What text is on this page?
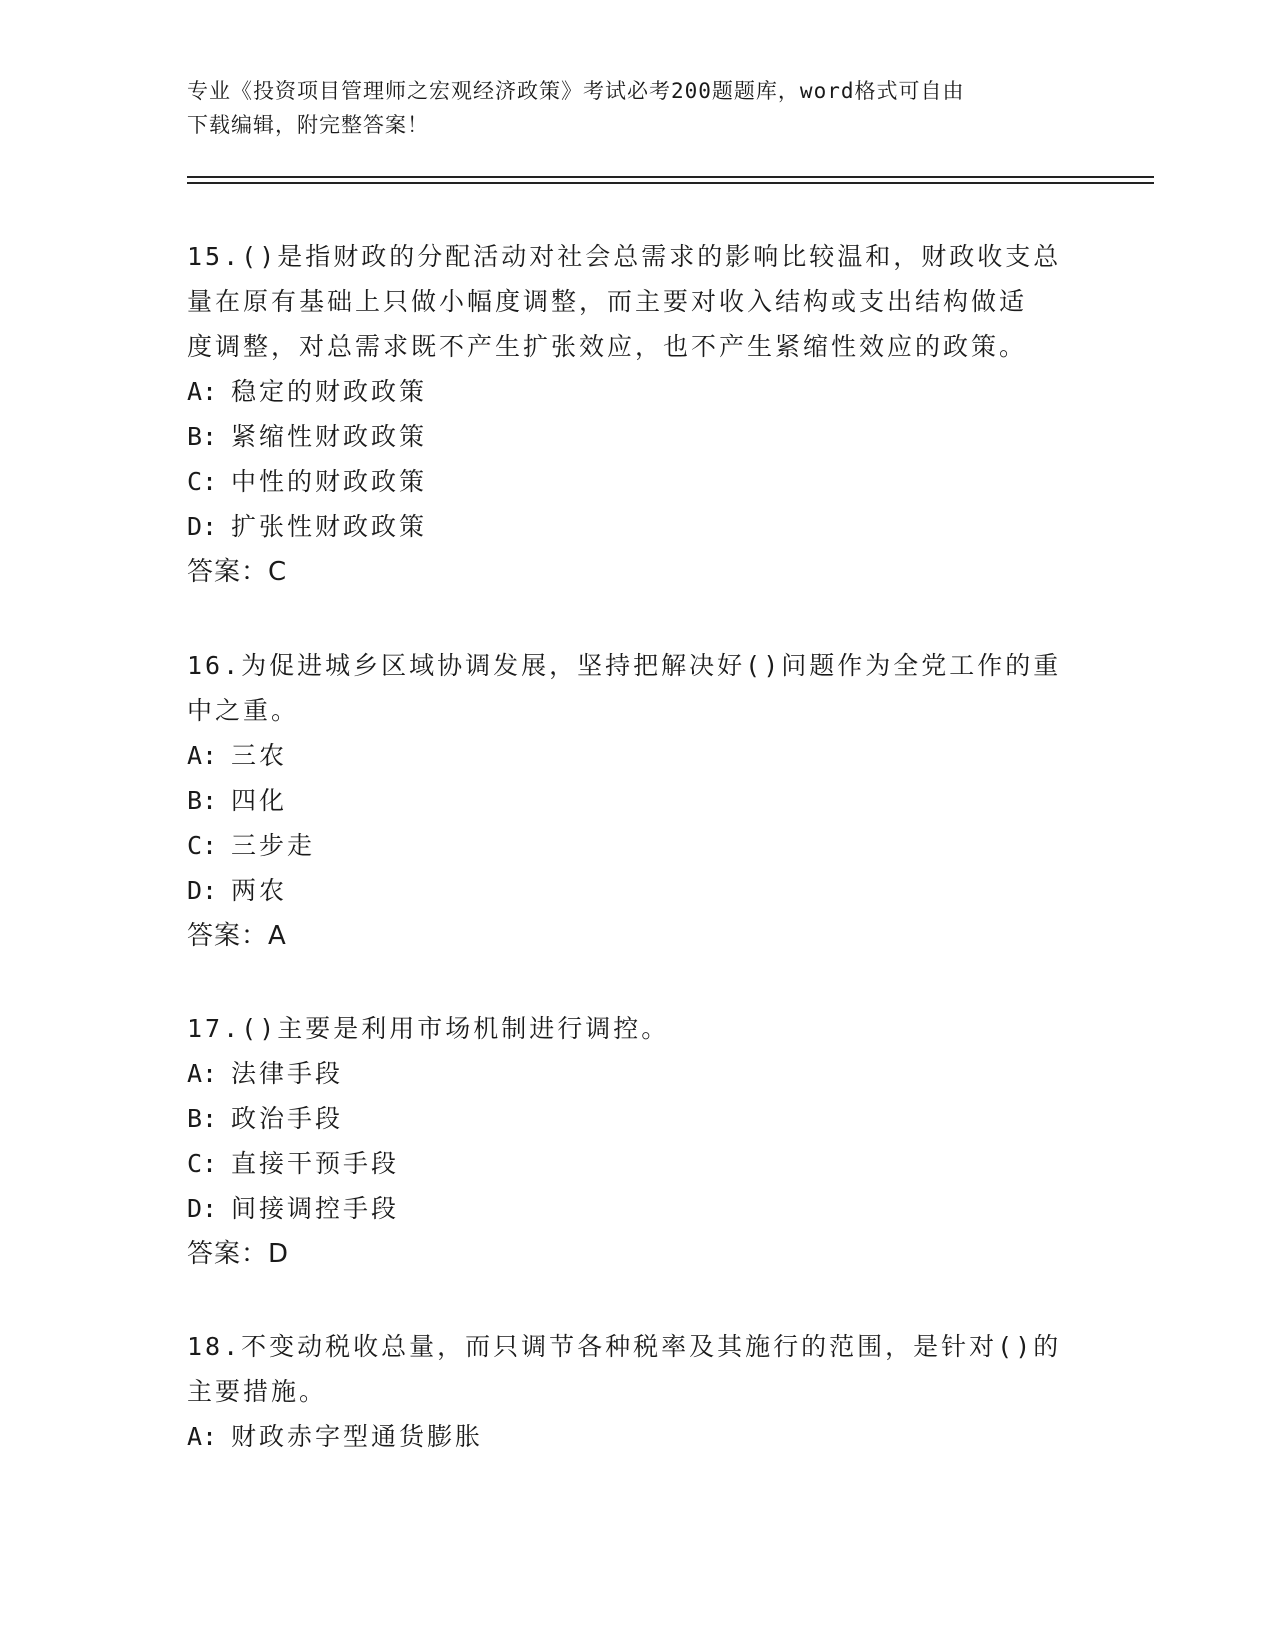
专业《投资项目管理师之宏观经济政策》考试必考200题题库，word格式可自由
下载编辑，附完整答案！
15.()是指财政的分配活动对社会总需求的影响比较温和，财政收支总
量在原有基础上只做小幅度调整，而主要对收入结构或支出结构做适
度调整，对总需求既不产生扩张效应，也不产生紧缩性效应的政策。
A: 稳定的财政政策
B: 紧缩性财政政策
C: 中性的财政政策
D: 扩张性财政政策
答案：C
16.为促进城乡区域协调发展，坚持把解决好()问题作为全党工作的重
中之重。
A: 三农
B: 四化
C: 三步走
D: 两农
答案：A
17.()主要是利用市场机制进行调控。
A: 法律手段
B: 政治手段
C: 直接干预手段
D: 间接调控手段
答案：D
18.不变动税收总量，而只调节各种税率及其施行的范围，是针对()的
主要措施。
A: 财政赤字型通货膨胀
